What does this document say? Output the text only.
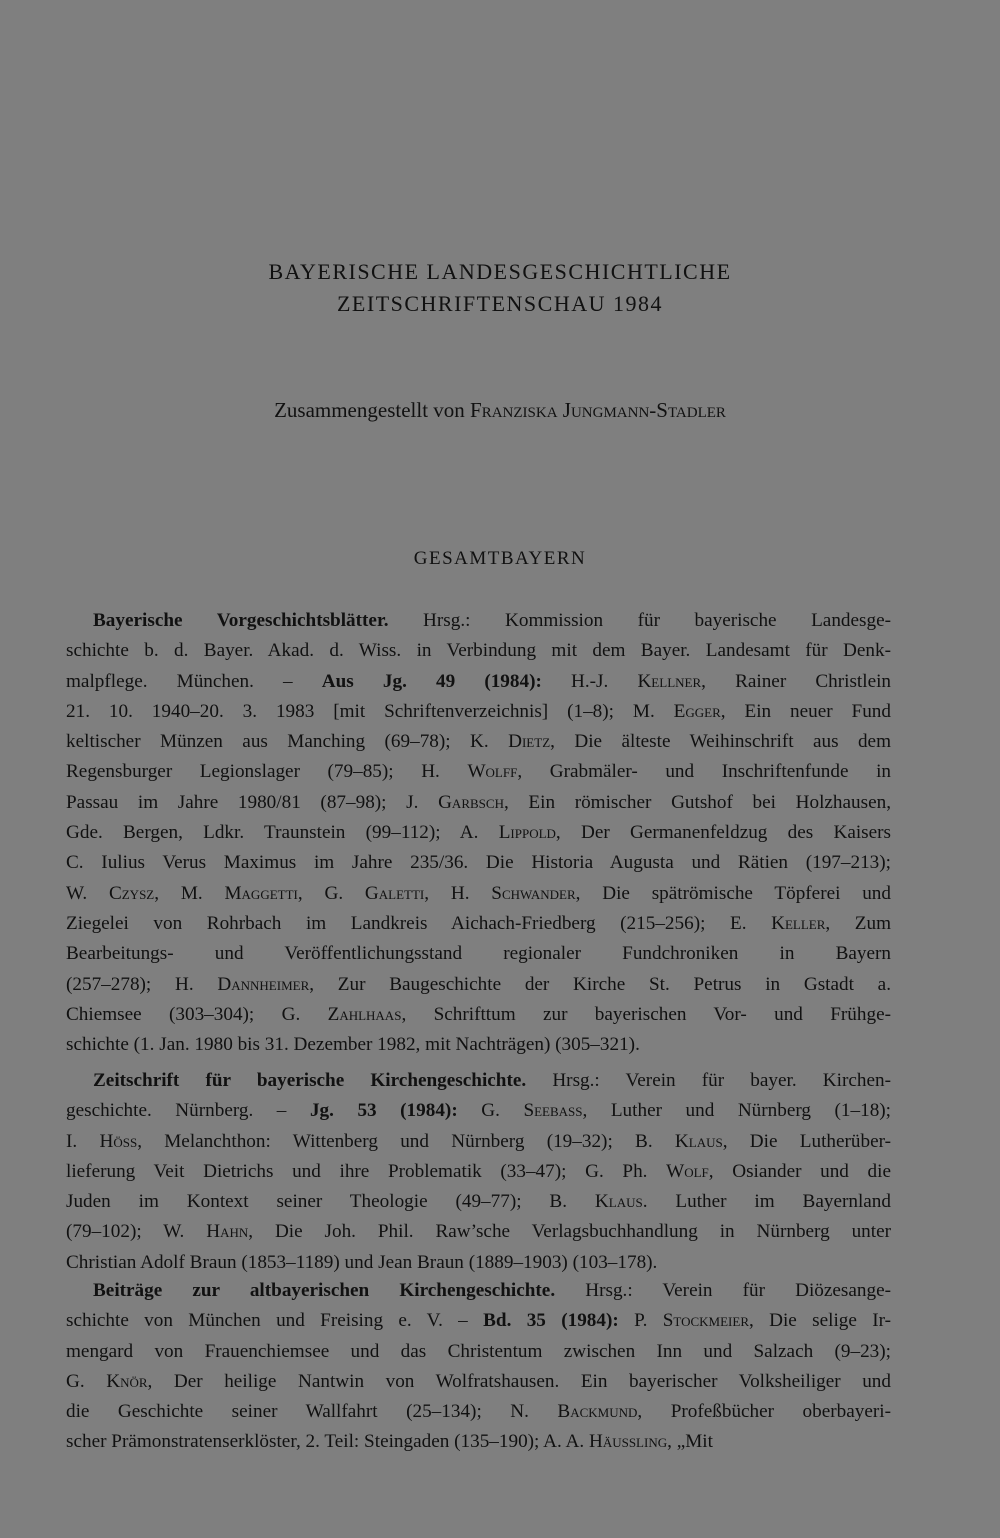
BAYERISCHE LANDESGESCHICHTLICHE
ZEITSCHRIFTENSCHAU 1984
Zusammengestellt von Franziska Jungmann-Stadler
GESAMTBAYERN
Bayerische Vorgeschichtsblätter. Hrsg.: Kommission für bayerische Landesge-
schichte b. d. Bayer. Akad. d. Wiss. in Verbindung mit dem Bayer. Landesamt für Denk-
malpflege. München. – Aus Jg. 49 (1984): H.-J. Kellner, Rainer Christlein
21. 10. 1940–20. 3. 1983 [mit Schriftenverzeichnis] (1–8); M. Egger, Ein neuer Fund
keltischer Münzen aus Manching (69–78); K. Dietz, Die älteste Weihinschrift aus dem
Regensburger Legionslager (79–85); H. Wolff, Grabmäler- und Inschriftenfunde in
Passau im Jahre 1980/81 (87–98); J. Garbsch, Ein römischer Gutshof bei Holzhausen,
Gde. Bergen, Ldkr. Traunstein (99–112); A. Lippold, Der Germanenfeldzug des Kaisers
C. Iulius Verus Maximus im Jahre 235/36. Die Historia Augusta und Rätien (197–213);
W. Czysz, M. Maggetti, G. Galetti, H. Schwander, Die spätrömische Töpferei und
Ziegelei von Rohrbach im Landkreis Aichach-Friedberg (215–256); E. Keller, Zum
Bearbeitungs- und Veröffentlichungsstand regionaler Fundchroniken in Bayern
(257–278); H. Dannheimer, Zur Baugeschichte der Kirche St. Petrus in Gstadt a.
Chiemsee (303–304); G. Zahlhaas, Schrifttum zur bayerischen Vor- und Frühge-
schichte (1. Jan. 1980 bis 31. Dezember 1982, mit Nachträgen) (305–321).
Zeitschrift für bayerische Kirchengeschichte. Hrsg.: Verein für bayer. Kirchen-
geschichte. Nürnberg. – Jg. 53 (1984): G. Seebass, Luther und Nürnberg (1–18);
I. Höss, Melanchthon: Wittenberg und Nürnberg (19–32); B. Klaus, Die Lutherüber-
lieferung Veit Dietrichs und ihre Problematik (33–47); G. Ph. Wolf, Osiander und die
Juden im Kontext seiner Theologie (49–77); B. Klaus. Luther im Bayernland
(79–102); W. Hahn, Die Joh. Phil. Raw’sche Verlagsbuchhandlung in Nürnberg unter
Christian Adolf Braun (1853–1189) und Jean Braun (1889–1903) (103–178).
Beiträge zur altbayerischen Kirchengeschichte. Hrsg.: Verein für Diözesange-
schichte von München und Freising e. V. – Bd. 35 (1984): P. Stockmeier, Die selige Ir-
mengard von Frauenchiemsee und das Christentum zwischen Inn und Salzach (9–23);
G. Knör, Der heilige Nantwin von Wolfratshausen. Ein bayerischer Volksheiliger und
die Geschichte seiner Wallfahrt (25–134); N. Backmund, Profeßbücher oberbayeri-
scher Prämonstratenserklöster, 2. Teil: Steingaden (135–190); A. A. Häussling, „Mit
